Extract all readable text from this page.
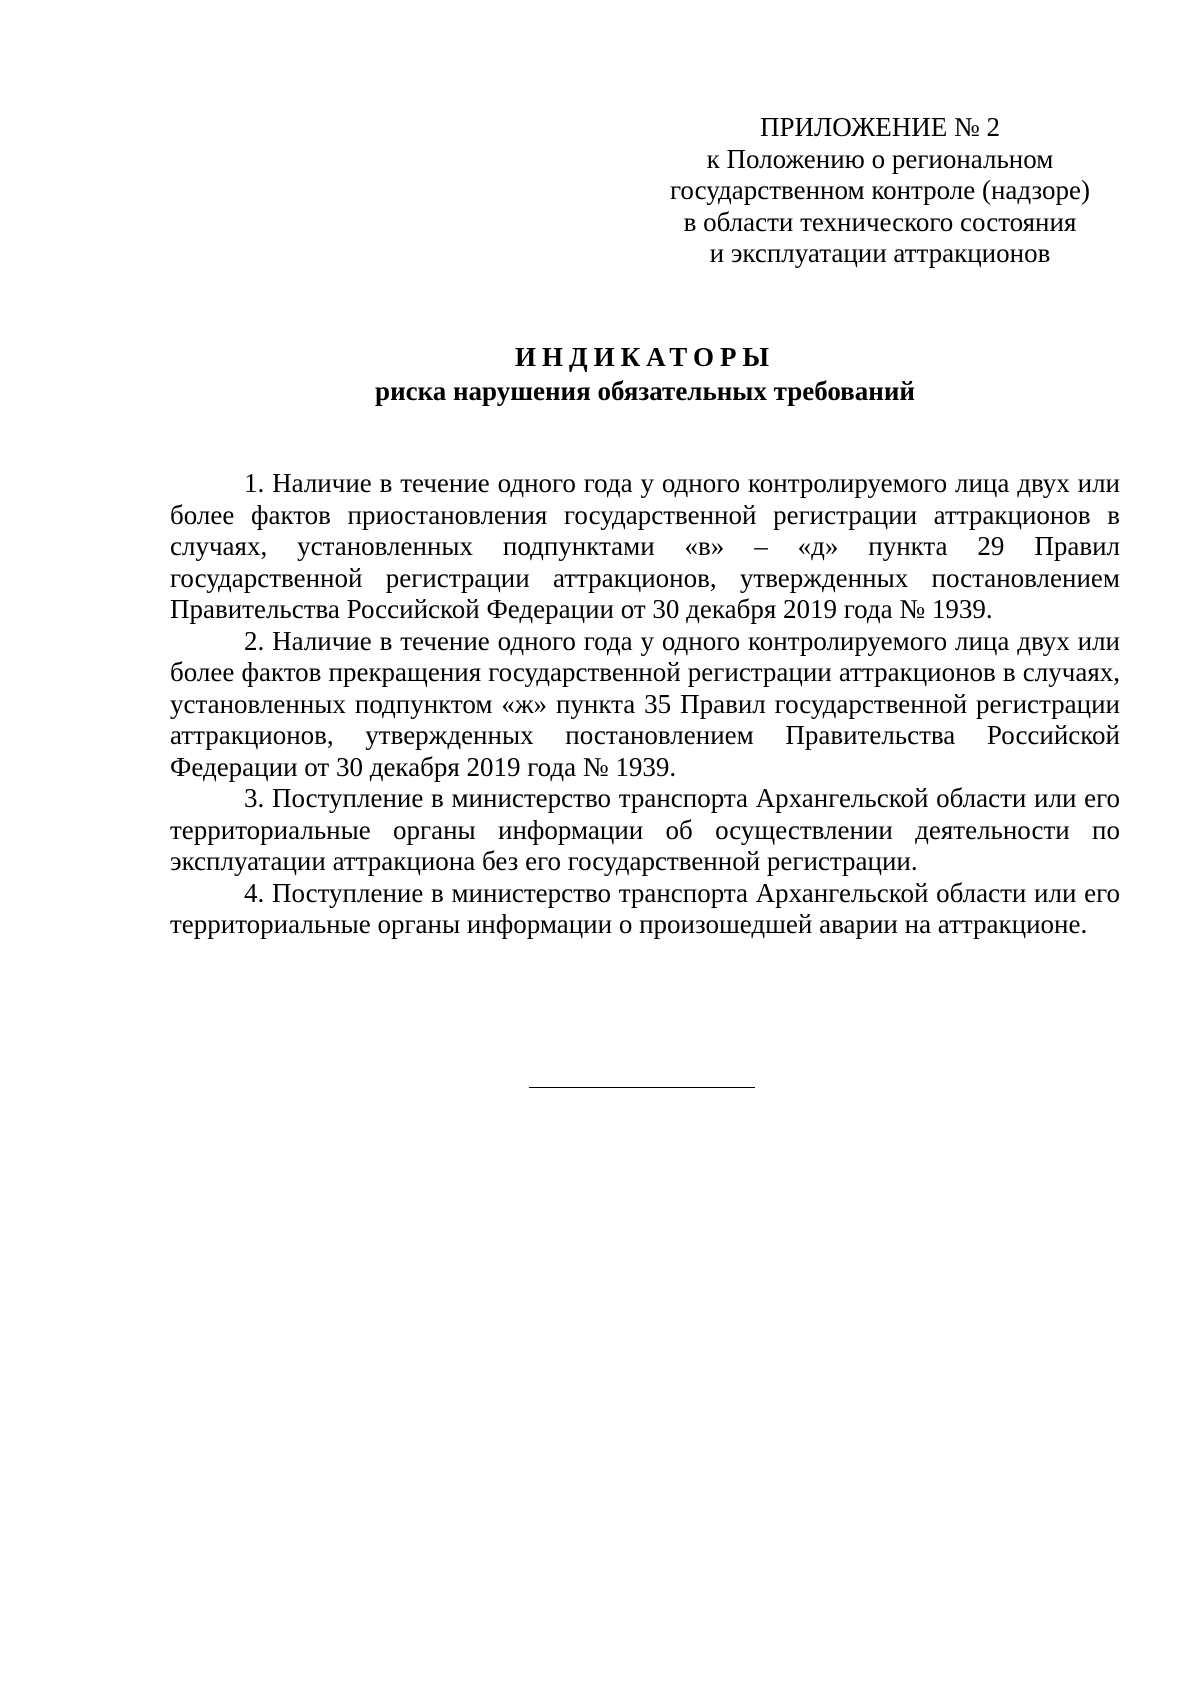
ПРИЛОЖЕНИЕ № 2
к Положению о региональном
государственном контроле (надзоре)
в области технического состояния
и эксплуатации аттракционов
ИНДИКАТОРЫ
риска нарушения обязательных требований

1. Наличие в течение одного года у одного контролируемого лица двух или более фактов приостановления государственной регистрации аттракционов в случаях, установленных подпунктами «в» – «д» пункта 29 Правил государственной регистрации аттракционов, утвержденных постановлением Правительства Российской Федерации от 30 декабря 2019 года № 1939.

2. Наличие в течение одного года у одного контролируемого лица двух или более фактов прекращения государственной регистрации аттракционов в случаях, установленных подпунктом «ж» пункта 35 Правил государственной регистрации аттракционов, утвержденных постановлением Правительства Российской Федерации от 30 декабря 2019 года № 1939.

3. Поступление в министерство транспорта Архангельской области или его территориальные органы информации об осуществлении деятельности по эксплуатации аттракциона без его государственной регистрации.

4. Поступление в министерство транспорта Архангельской области или его территориальные органы информации о произошедшей аварии на аттракционе.
